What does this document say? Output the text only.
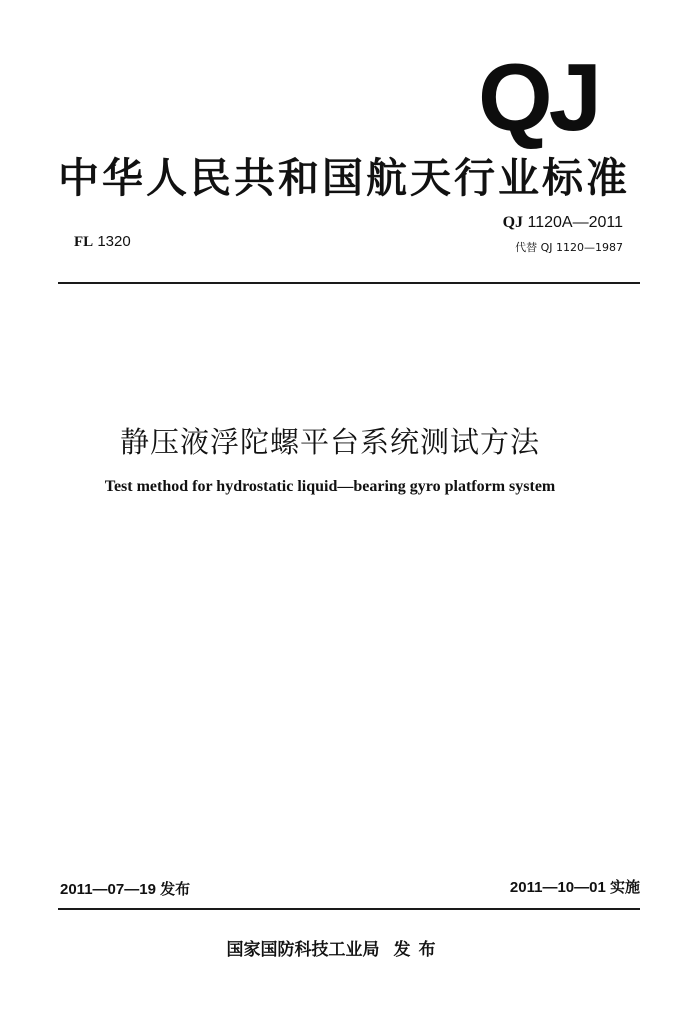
QJ
中华人民共和国航天行业标准
FL 1320
QJ 1120A—2011
代替 QJ 1120—1987
静压液浮陀螺平台系统测试方法
Test method for hydrostatic liquid—bearing gyro platform system
2011—07—19 发布	2011—10—01 实施
国家国防科技工业局 发布
